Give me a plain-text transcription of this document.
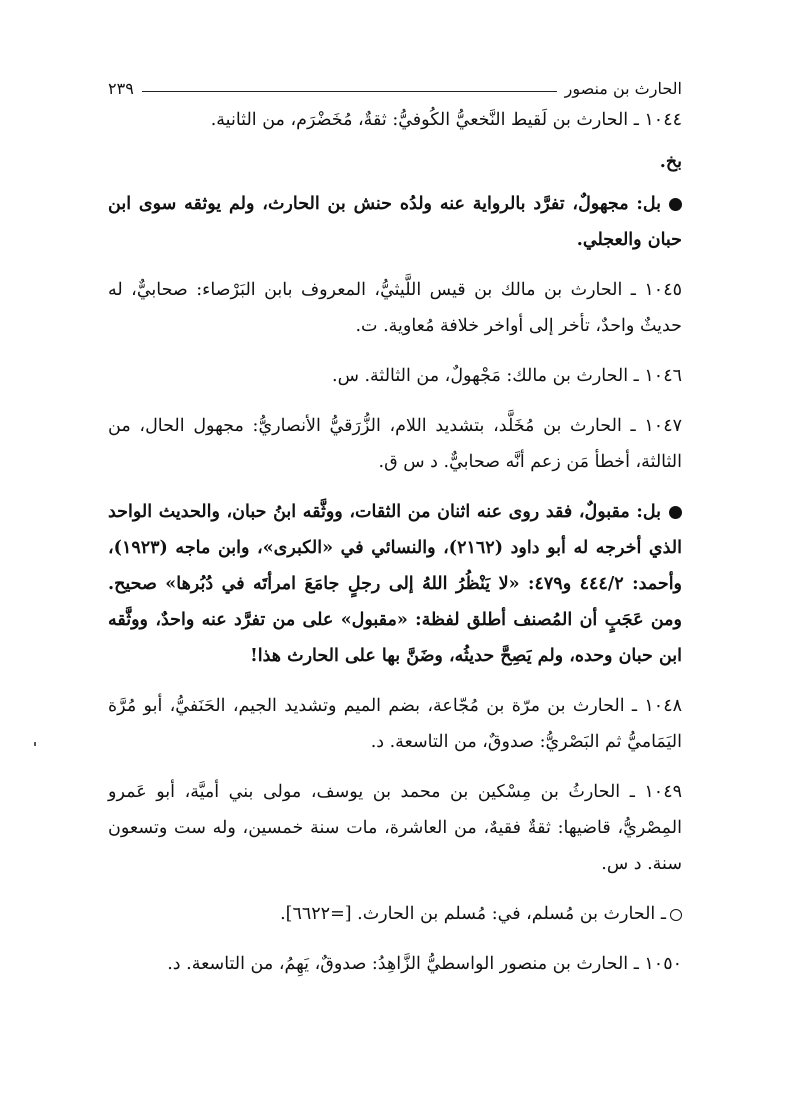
الحارث بن منصور
٢٣٩

١٠٤٤ ـ الحارث بن لَقيط النَّخعيُّ الكُوفيُّ: ثقةٌ، مُخَضْرَم، من الثانية.

بخ.

بل: مجهولٌ، تفرَّد بالرواية عنه ولدُه حنش بن الحارث، ولم يوثقه سوى ابن حبان والعجلي.

١٠٤٥ ـ الحارث بن مالك بن قيس اللَّيثيُّ، المعروف بابن البَرْصاء: صحابيٌّ، له حديثٌ واحدٌ، تأخر إلى أواخر خلافة مُعاوية. ت.

١٠٤٦ ـ الحارث بن مالك: مَجْهولٌ، من الثالثة. س.

١٠٤٧ ـ الحارث بن مُخَلَّد، بتشديد اللام، الزُّرَقيُّ الأنصاريُّ: مجهول الحال، من الثالثة، أخطأ مَن زعم أنَّه صحابيٌّ. د س ق.

بل: مقبولٌ، فقد روى عنه اثنان من الثقات، ووثَّقه ابنُ حبان، والحديث الواحد الذي أخرجه له أبو داود (٢١٦٢)، والنسائي في «الكبرى»، وابن ماجه (١٩٢٣)، وأحمد: ٤٤٤/٢ و٤٧٩: «لا يَنْظُرُ اللهُ إلى رجلٍ جامَعَ امرأتَه في دُبُرها» صحيح. ومن عَجَبٍ أن المُصنف أطلق لفظة: «مقبول» على من تفرَّد عنه واحدٌ، ووثَّقه ابن حبان وحده، ولم يَصِحَّ حديثُه، وضَنَّ بها على الحارث هذا!

١٠٤٨ ـ الحارث بن مرّة بن مُجّاعة، بضم الميم وتشديد الجيم، الحَنَفيُّ، أبو مُرَّة اليَمَاميُّ ثم البَصْريُّ: صدوقٌ، من التاسعة. د.

١٠٤٩ ـ الحارثُ بن مِسْكين بن محمد بن يوسف، مولى بني أميَّة، أبو عَمرو المِصْريُّ، قاضيها: ثقةٌ فقيهٌ، من العاشرة، مات سنة خمسين، وله ست وتسعون سنة. د س.

ـ الحارث بن مُسلم، في: مُسلم بن الحارث. [=٦٦٢٢].

١٠٥٠ ـ الحارث بن منصور الواسطيُّ الزَّاهِدُ: صدوقٌ، يَهِمُ، من التاسعة. د.
